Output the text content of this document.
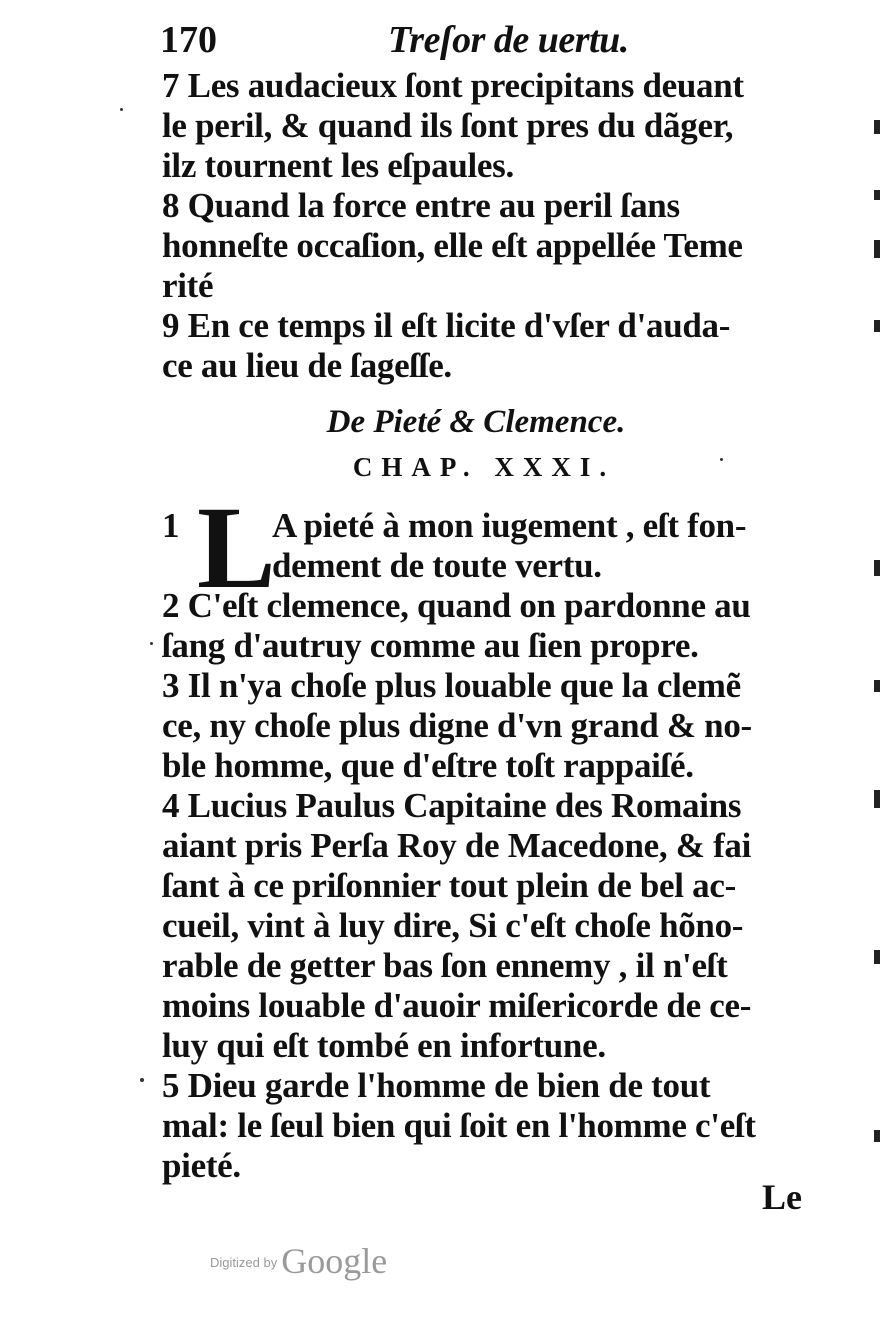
170	Treſor de uertu.
7 Les audacieux ſont precipitans deuant
le peril, & quand ils ſont pres du dãger,
ilz tournent les eſpaules.
8 Quand la force entre au peril ſans
honneſte occaſion, elle eſt appellée Teme
rité
9 En ce temps il eſt licite d'vſer d'auda-
ce au lieu de ſageſſe.
De Pieté & Clemence.
CHAP. XXXI.
1 L
A pieté à mon iugement , eſt fon-
dement de toute vertu.
2 C'eſt clemence, quand on pardonne au
ſang d'autruy comme au ſien propre.
3 Il n'ya choſe plus louable que la clemẽ
ce, ny choſe plus digne d'vn grand & no-
ble homme, que d'eſtre toſt rappaiſé.
4 Lucius Paulus Capitaine des Romains
aiant pris Perſa Roy de Macedone, & fai
ſant à ce priſonnier tout plein de bel ac-
cueil, vint à luy dire, Si c'eſt choſe hõno-
rable de getter bas ſon ennemy , il n'eſt
moins louable d'auoir miſericorde de ce-
luy qui eſt tombé en infortune.
5 Dieu garde l'homme de bien de tout
mal: le ſeul bien qui ſoit en l'homme c'eſt
pieté.
Le
$^{Digitized by}$ Google
